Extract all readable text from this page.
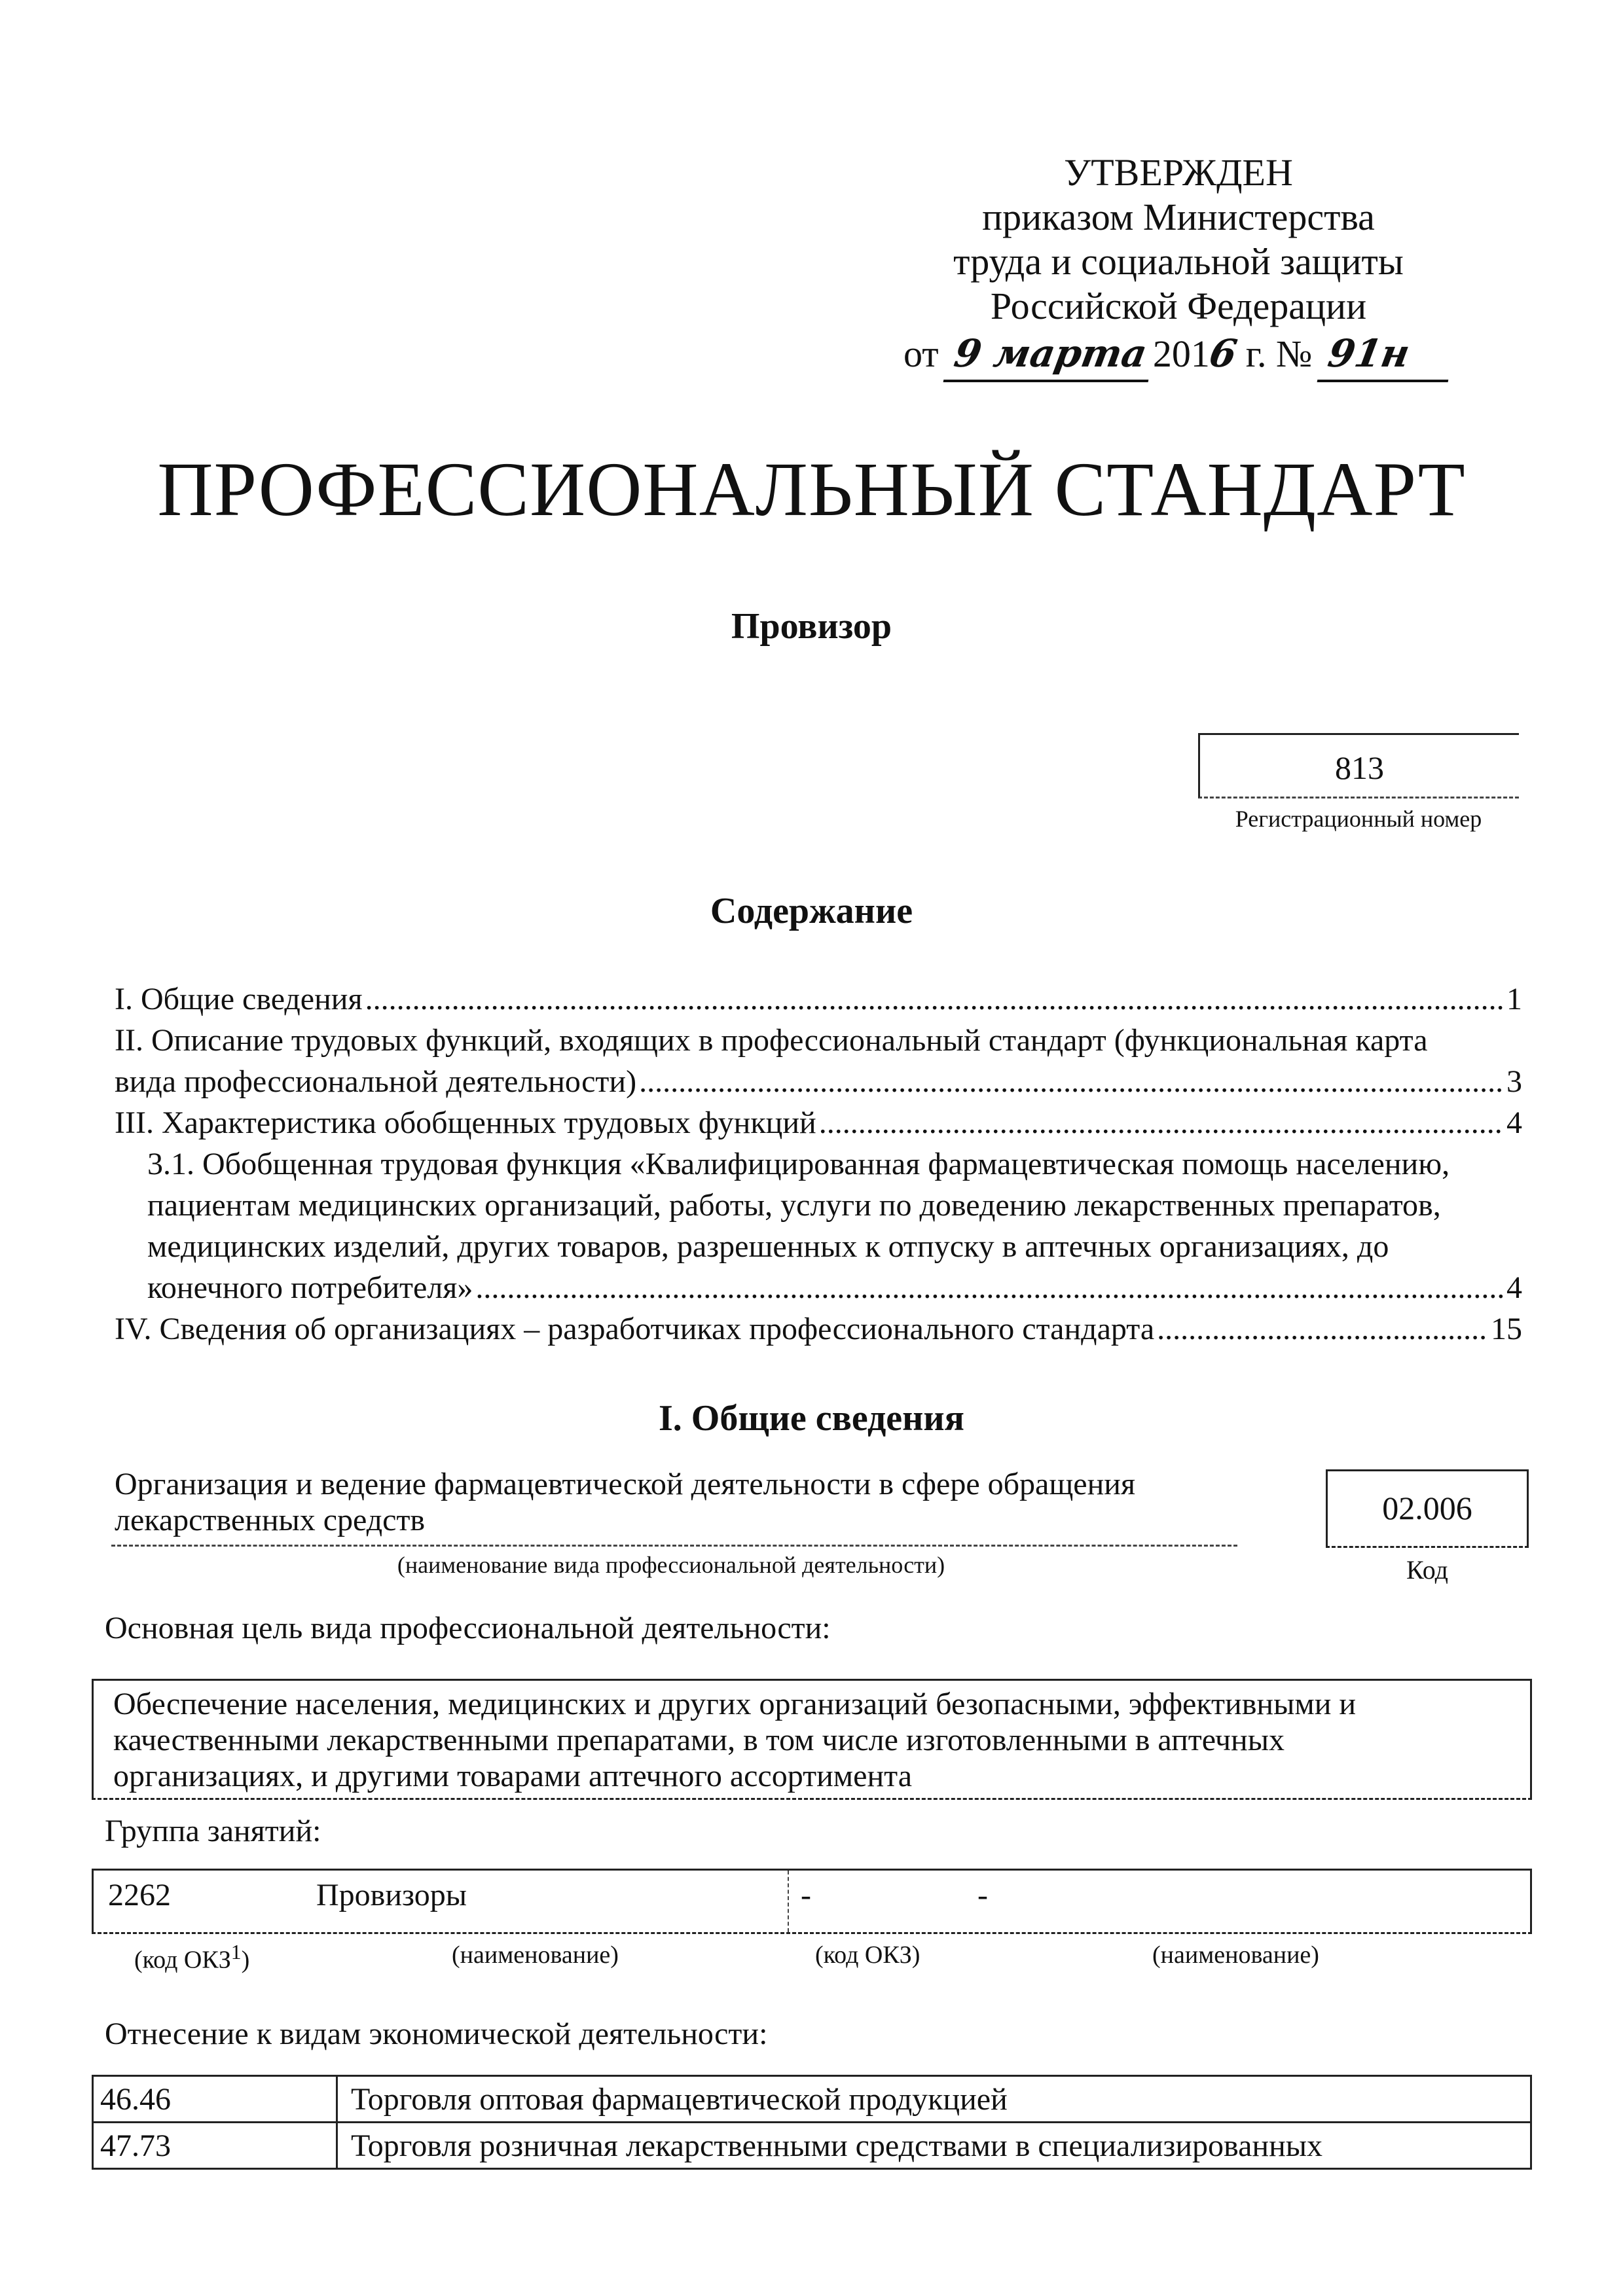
УТВЕРЖДЕН
приказом Министерства
труда и социальной защиты
Российской Федерации
от 9 марта2016 г. № 91н
ПРОФЕССИОНАЛЬНЫЙ СТАНДАРТ
Провизор
813
Регистрационный номер
Содержание
I. Общие сведения .....	1
II. Описание трудовых функций, входящих в профессиональный стандарт (функциональная карта
вида профессиональной деятельности) .....	3
III. Характеристика обобщенных трудовых функций .....	4
3.1. Обобщенная трудовая функция «Квалифицированная фармацевтическая помощь населению,
пациентам медицинских организаций, работы, услуги по доведению лекарственных препаратов,
медицинских изделий, других товаров, разрешенных к отпуску в аптечных организациях, до
конечного потребителя» .....	4
IV. Сведения об организациях – разработчиках профессионального стандарта .....	15
I. Общие сведения
Организация и ведение фармацевтической деятельности в сфере обращения
лекарственных средств
(наименование вида профессиональной деятельности)
02.006
Код
Основная цель вида профессиональной деятельности:
Обеспечение населения, медицинских и других организаций безопасными, эффективными и
качественными лекарственными препаратами, в том числе изготовленными в аптечных
организациях, и другими товарами аптечного ассортимента
Группа занятий:
2262	Провизоры	-	-
(код ОКЗ$^1$)	(наименование)	(код ОКЗ)	(наименование)
Отнесение к видам экономической деятельности:
46.46	Торговля оптовая фармацевтической продукцией
47.73	Торговля розничная лекарственными средствами в специализированных
